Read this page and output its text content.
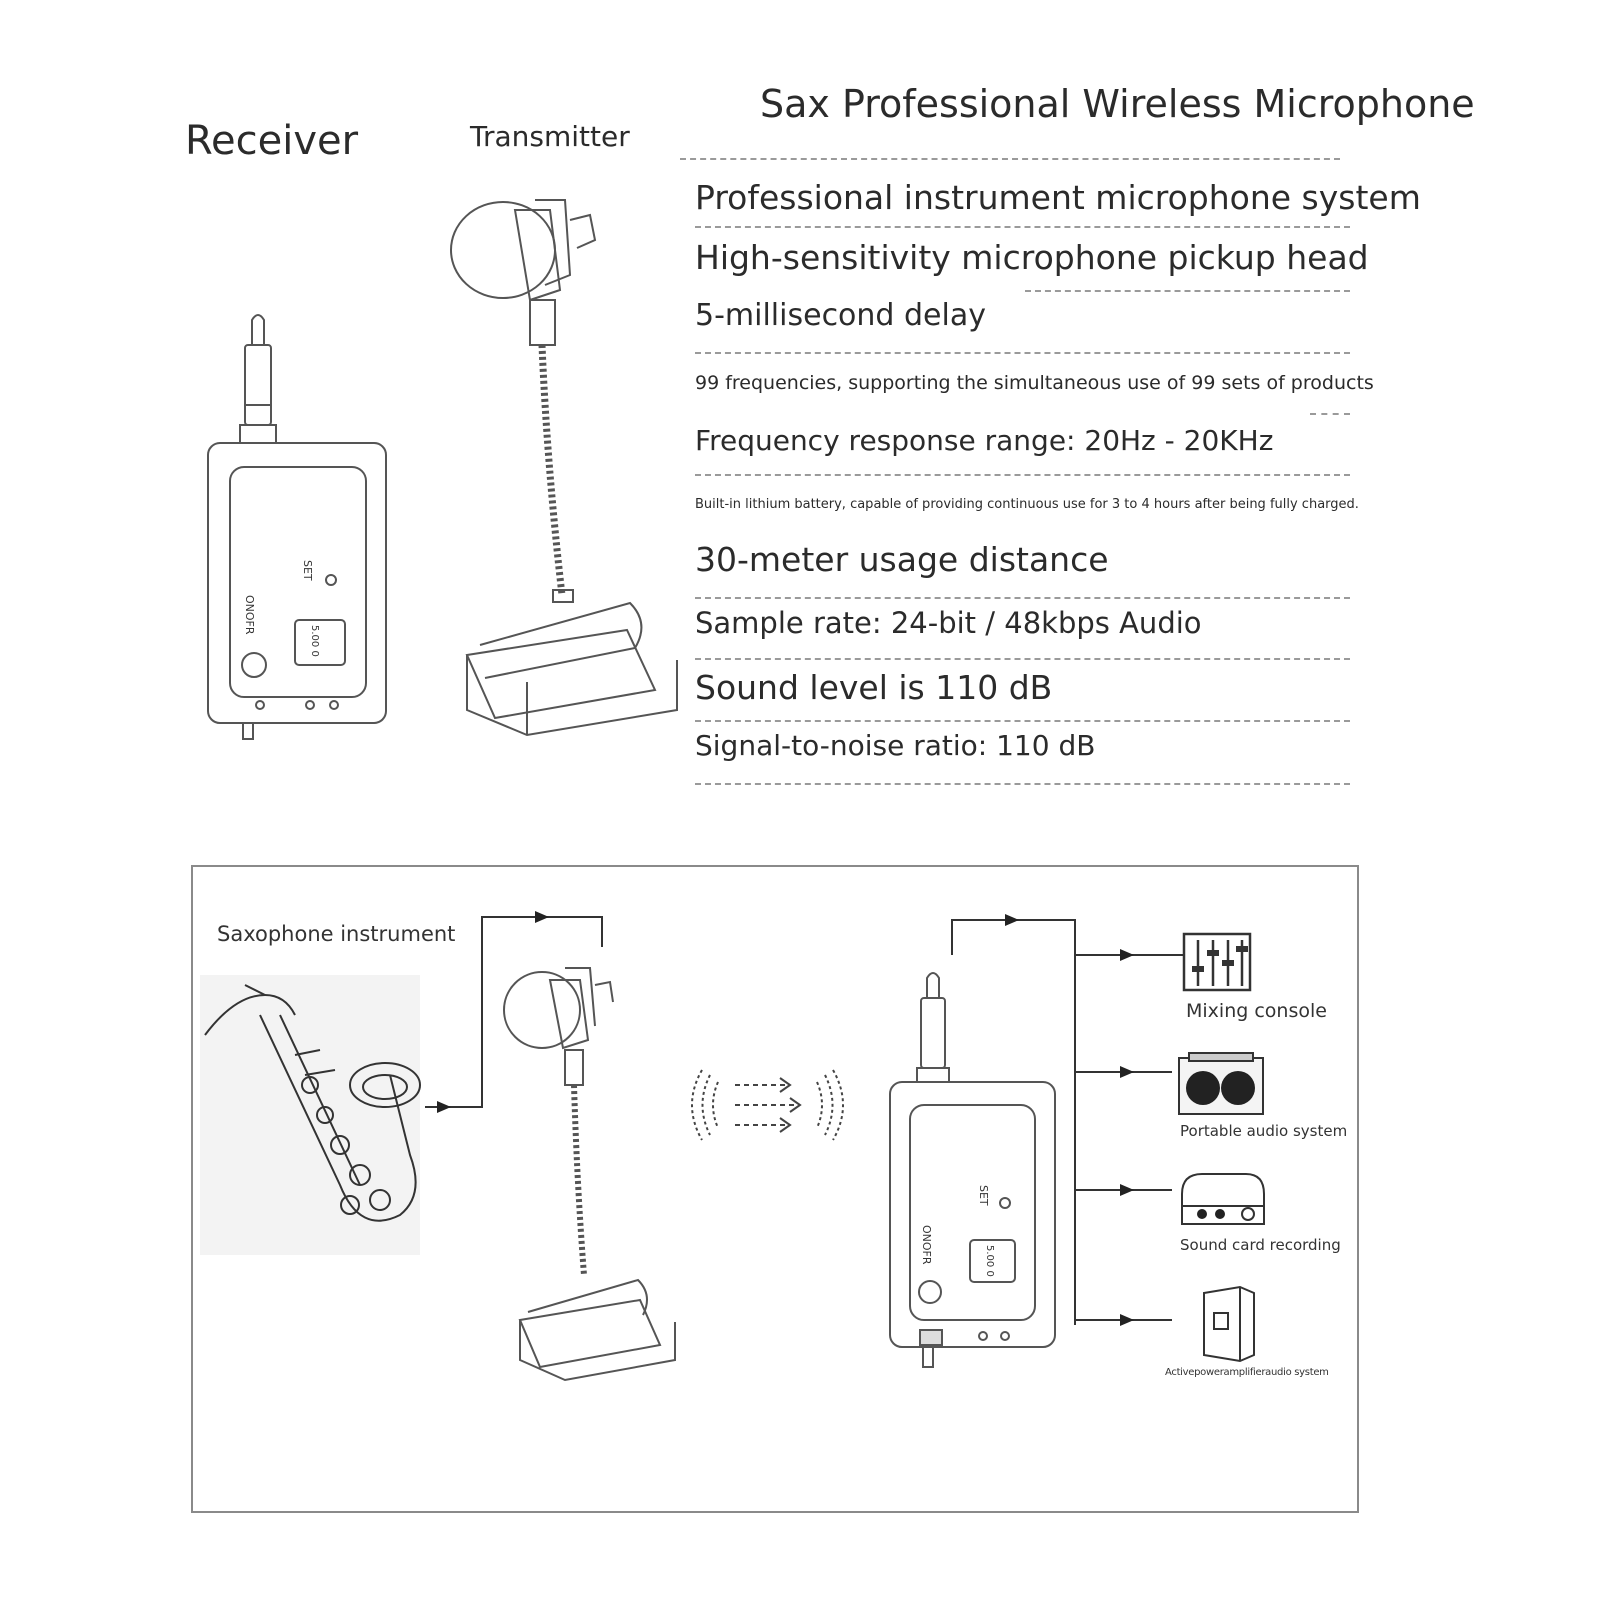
Sax Professional Wireless Microphone
Receiver	Transmitter
Professional instrument microphone system
High-sensitivity microphone pickup head
5-millisecond delay
99 frequencies, supporting the simultaneous use of 99 sets of products
Frequency response range: 20Hz - 20KHz
Built-in lithium battery, capable of providing continuous use for 3 to 4 hours after being fully charged.
30-meter usage distance
Sample rate: 24-bit / 48kbps Audio
Sound level is 110 dB
Signal-to-noise ratio: 110 dB
SET
ONOFR
5.00 0
Saxophone instrument
SET
ONOFR	5.00 0
Mixing console
Portable audio system
Sound card recording
Activepoweramplifieraudio system
